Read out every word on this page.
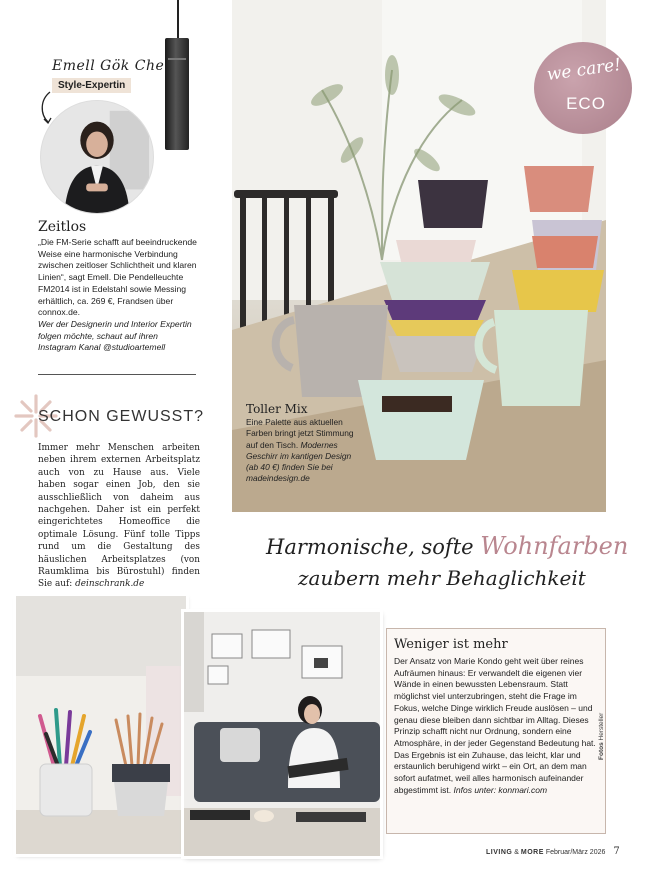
Emell Gök Che
Style-Expertin
Zeitlos
„Die FM-Serie schafft auf beeindruckende Weise eine harmonische Verbindung zwischen zeitloser Schlichtheit und klaren Linien“, sagt Emell. Die Pendelleuchte FM2014 ist in Edelstahl sowie Messing erhältlich, ca. 269 €, Frandsen über connox.de.
Wer der Designerin und Interior Expertin folgen möchte, schaut auf ihren Instagram Kanal @studioartemell
SCHON GEWUSST?
Immer mehr Menschen arbeiten neben ihrem externen Arbeitsplatz auch von zu Hause aus. Viele haben sogar einen Job, den sie ausschließlich von daheim aus nachgehen. Daher ist ein perfekt eingerichtetes Homeoffice die optimale Lösung. Fünf tolle Tipps rund um die Gestaltung des häuslichen Arbeitsplatzes (von Raumklima bis Bürostuhl) finden Sie auf: deinschrank.de
we care!
ECO
Toller Mix
Eine Palette aus aktuellen Farben bringt jetzt Stimmung auf den Tisch. Modernes Geschirr im kantigen Design (ab 40 €) finden Sie bei madeindesign.de
Harmonische, softe Wohnfarben
zaubern mehr Behaglichkeit
Weniger ist mehr
Der Ansatz von Marie Kondo geht weit über reines Aufräumen hinaus: Er verwandelt die eigenen vier Wände in einen bewussten Lebensraum. Statt möglichst viel unterzubringen, steht die Frage im Fokus, welche Dinge wirklich Freude auslösen – und genau diese bleiben dann sichtbar im Alltag. Dieses Prinzip schafft nicht nur Ordnung, sondern eine Atmosphäre, in der jeder Gegenstand Bedeutung hat. Das Ergebnis ist ein Zuhause, das leicht, klar und erstaunlich beruhigend wirkt – ein Ort, an dem man sofort aufatmet, weil alles harmonisch aufeinander abgestimmt ist. Infos unter: konmari.com
Fotos Hersteller
LIVING & MORE Februar/März 2026 7
